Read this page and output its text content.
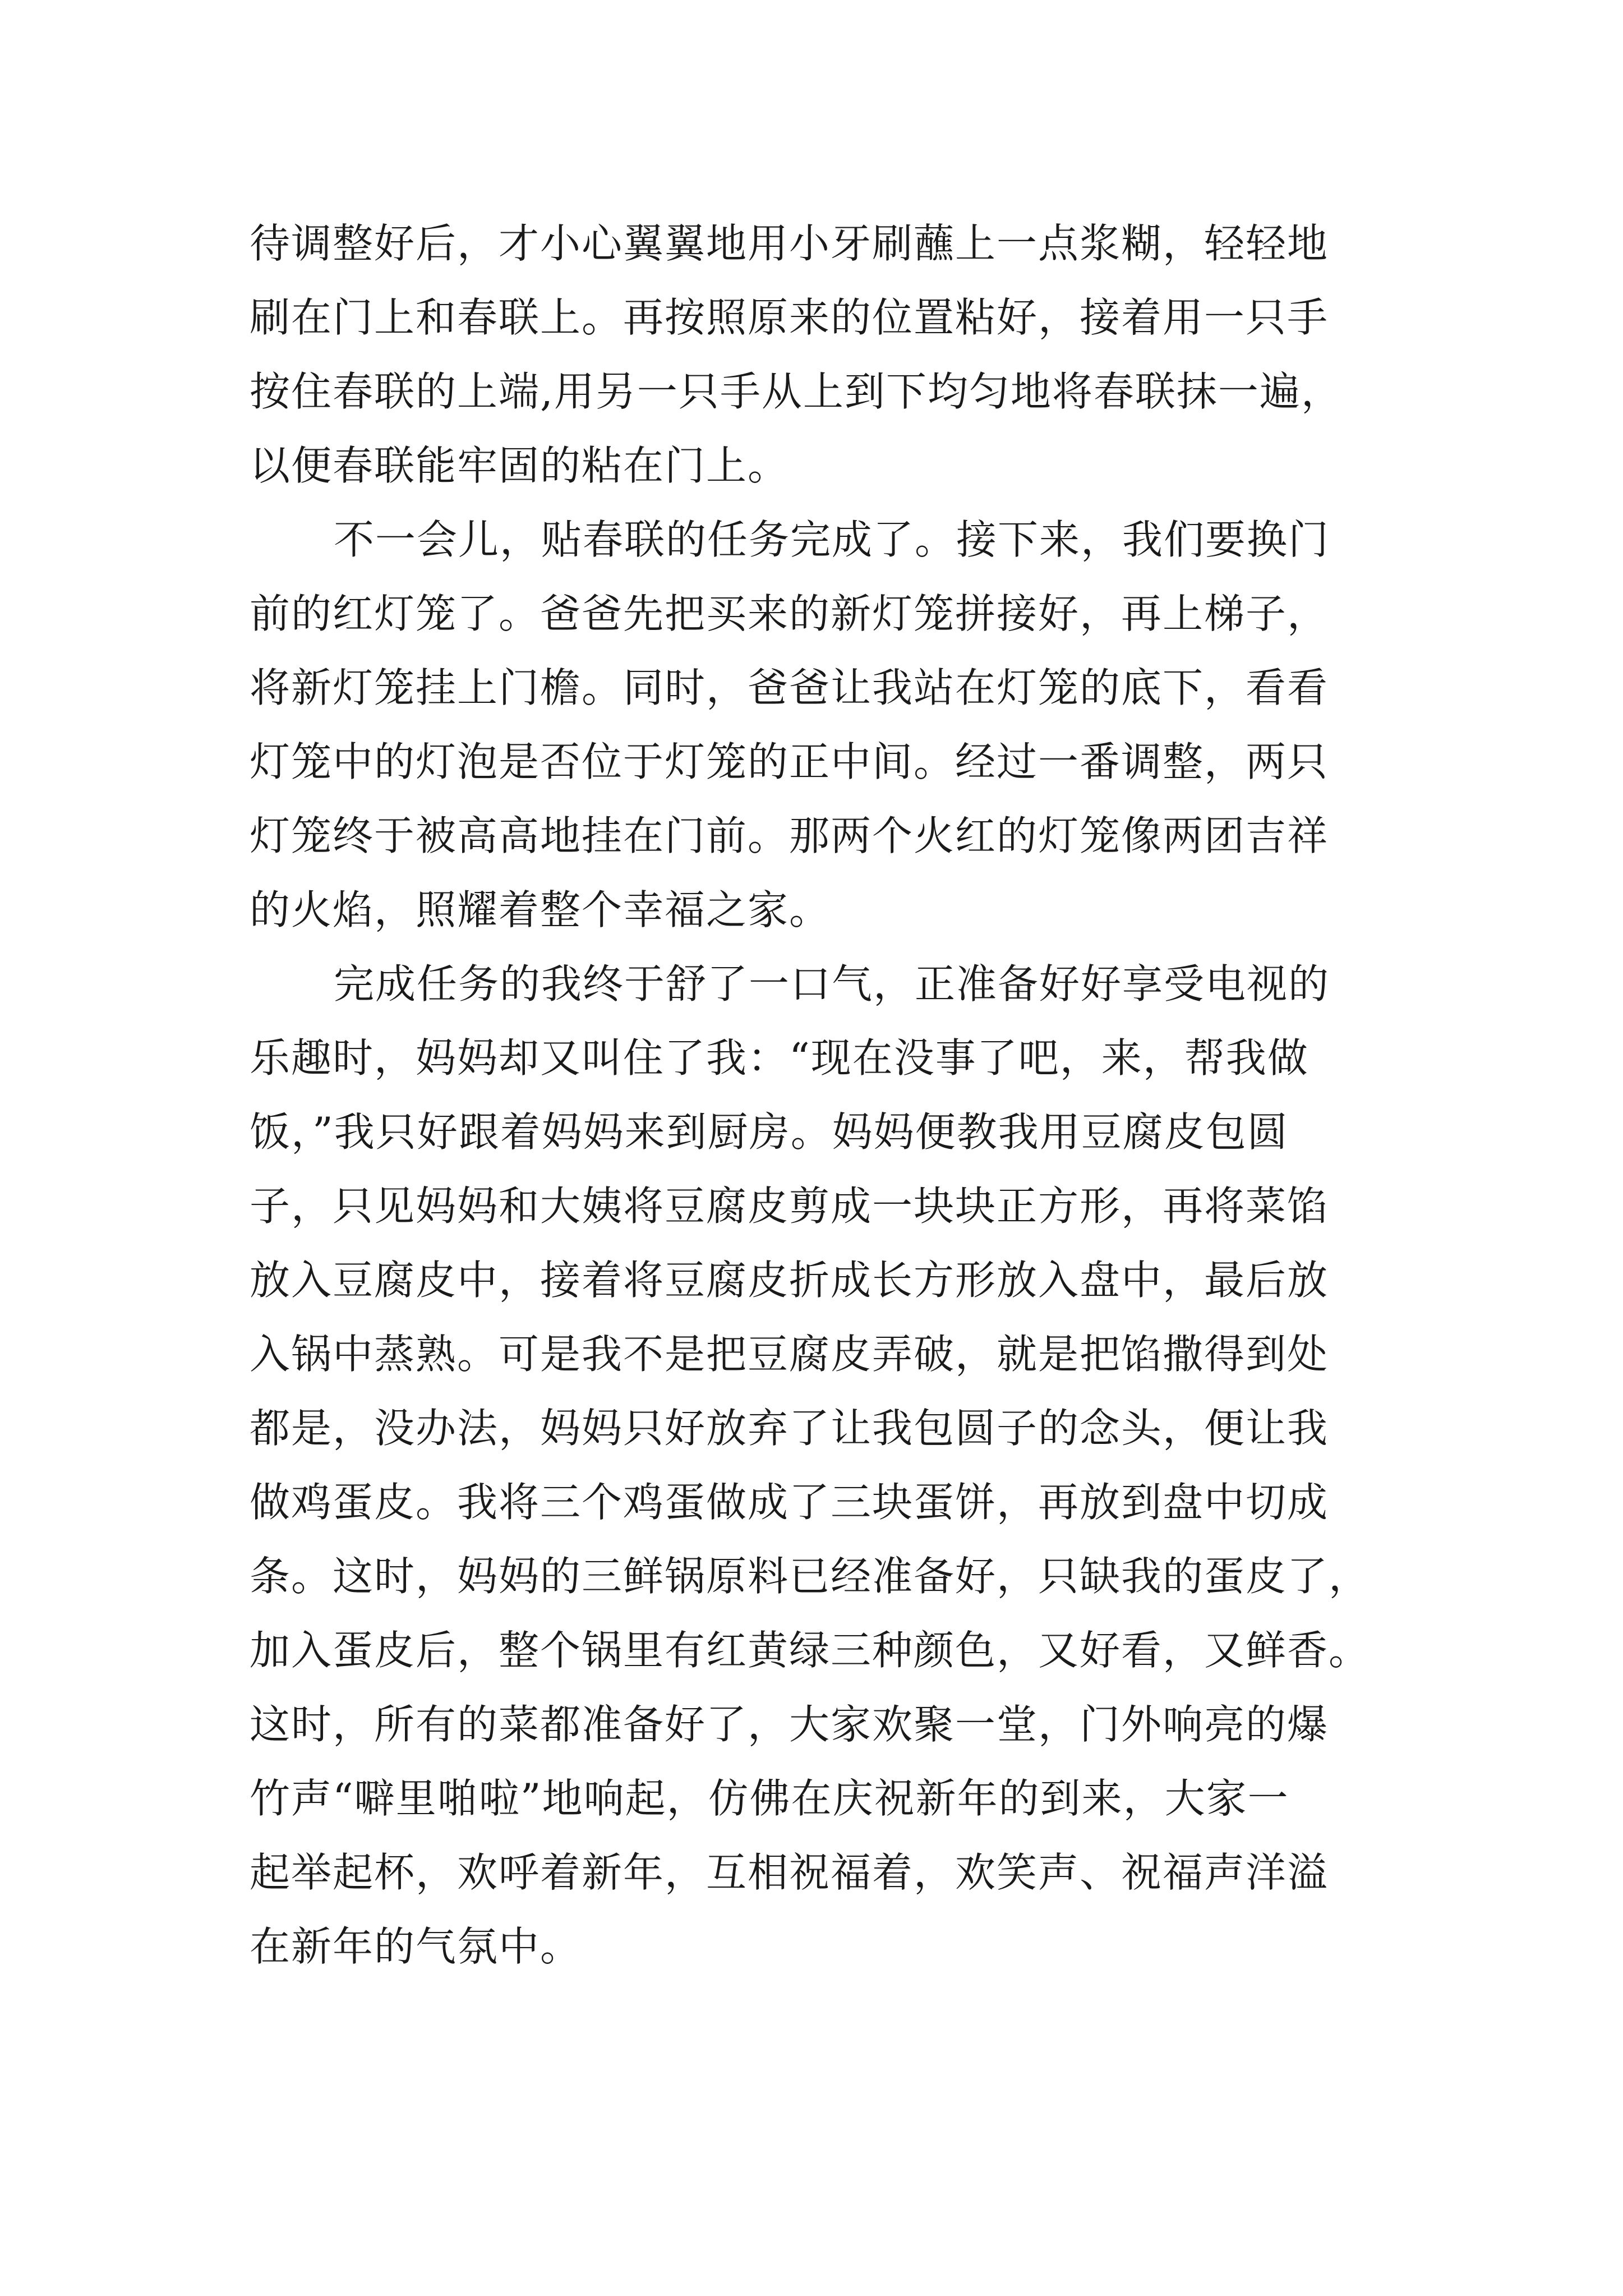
待调整好后，才小心翼翼地用小牙刷蘸上一点浆糊，轻轻地
刷在门上和春联上。再按照原来的位置粘好，接着用一只手
按住春联的上端,用另一只手从上到下均匀地将春联抹一遍，
以便春联能牢固的粘在门上。
不一会儿，贴春联的任务完成了。接下来，我们要换门
前的红灯笼了。爸爸先把买来的新灯笼拼接好，再上梯子，
将新灯笼挂上门檐。同时，爸爸让我站在灯笼的底下，看看
灯笼中的灯泡是否位于灯笼的正中间。经过一番调整，两只
灯笼终于被高高地挂在门前。那两个火红的灯笼像两团吉祥
的火焰，照耀着整个幸福之家。
完成任务的我终于舒了一口气，正准备好好享受电视的
乐趣时，妈妈却又叫住了我：“现在没事了吧，来，帮我做
饭，”我只好跟着妈妈来到厨房。妈妈便教我用豆腐皮包圆
子，只见妈妈和大姨将豆腐皮剪成一块块正方形，再将菜馅
放入豆腐皮中，接着将豆腐皮折成长方形放入盘中，最后放
入锅中蒸熟。可是我不是把豆腐皮弄破，就是把馅撒得到处
都是，没办法，妈妈只好放弃了让我包圆子的念头，便让我
做鸡蛋皮。我将三个鸡蛋做成了三块蛋饼，再放到盘中切成
条。这时，妈妈的三鲜锅原料已经准备好，只缺我的蛋皮了，
加入蛋皮后，整个锅里有红黄绿三种颜色，又好看，又鲜香。
这时，所有的菜都准备好了，大家欢聚一堂，门外响亮的爆
竹声“噼里啪啦”地响起，仿佛在庆祝新年的到来，大家一
起举起杯，欢呼着新年，互相祝福着，欢笑声、祝福声洋溢
在新年的气氛中。
